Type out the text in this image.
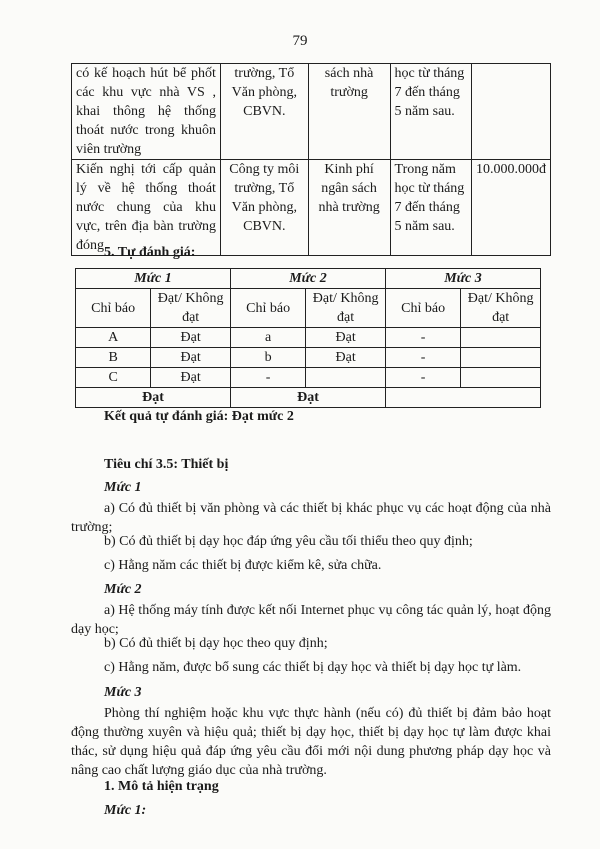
79
có kế hoạch hút bể phốt các khu vực nhà VS , khai thông hệ thống thoát nước trong khuôn viên trường	trường, Tổ Văn phòng, CBVN.	sách nhà trường	học từ tháng 7 đến tháng 5 năm sau.	
Kiến nghị tới cấp quản lý về hệ thống thoát nước chung của khu vực, trên địa bàn trường đóng	Công ty môi trường, Tổ Văn phòng, CBVN.	Kinh phí ngân sách nhà trường	Trong năm học từ tháng 7 đến tháng 5 năm sau.	10.000.000đ
5. Tự đánh giá:
Mức 1		Mức 2		Mức 3	
Chỉ báo	Đạt/ Không đạt	Chỉ báo	Đạt/ Không đạt	Chỉ báo	Đạt/ Không đạt
A	Đạt	a	Đạt	-	
B	Đạt	b	Đạt	-	
C	Đạt	-		-	
Đạt		Đạt			
Kết quả tự đánh giá: Đạt mức 2
Tiêu chí 3.5: Thiết bị
Mức 1
a) Có đủ thiết bị văn phòng và các thiết bị khác phục vụ các hoạt động của nhà trường;
b) Có đủ thiết bị dạy học đáp ứng yêu cầu tối thiểu theo quy định;
c) Hằng năm các thiết bị được kiểm kê, sửa chữa.
Mức 2
a) Hệ thống máy tính được kết nối Internet phục vụ công tác quản lý, hoạt động dạy học;
b) Có đủ thiết bị dạy học theo quy định;
c) Hằng năm, được bổ sung các thiết bị dạy học và thiết bị dạy học tự làm.
Mức 3
Phòng thí nghiệm hoặc khu vực thực hành (nếu có) đủ thiết bị đảm bảo hoạt động thường xuyên và hiệu quả; thiết bị dạy học, thiết bị dạy học tự làm được khai thác, sử dụng hiệu quả đáp ứng yêu cầu đổi mới nội dung phương pháp dạy học và nâng cao chất lượng giáo dục của nhà trường.
1. Mô tả hiện trạng
Mức 1:
